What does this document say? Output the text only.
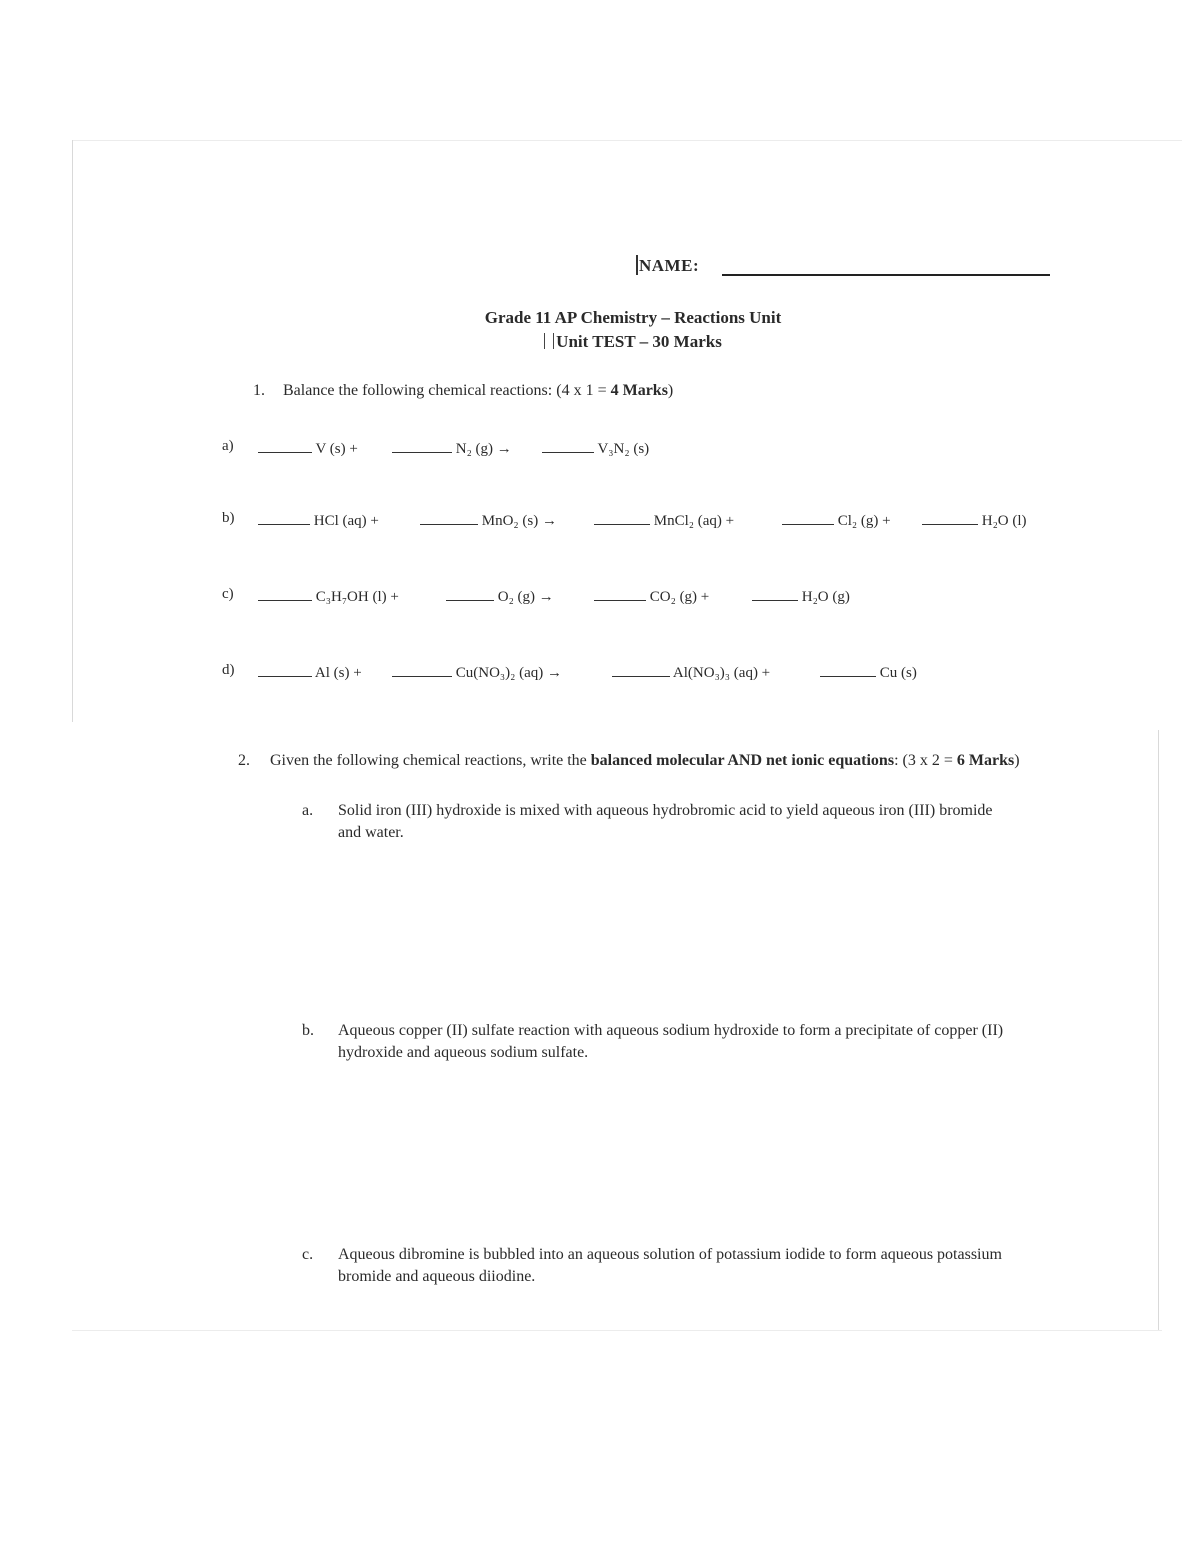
NAME:
Grade 11 AP Chemistry – Reactions Unit
Unit TEST – 30 Marks
1. Balance the following chemical reactions: (4 x 1 = 4 Marks)
a)	V (s) +	N₂ (g) →	V₃N₂ (s)
b)	HCl (aq) +	MnO₂ (s) →	MnCl₂ (aq) +	Cl₂ (g) +	H₂O (l)
c)	C₃H₇OH (l) +	O₂ (g) →	CO₂ (g) +	H₂O (g)
d)	Al (s) +	Cu(NO₃)₂ (aq) →	Al(NO₃)₃ (aq) +	Cu (s)
2. Given the following chemical reactions, write the balanced molecular AND net ionic equations: (3 x 2 = 6 Marks)
a. Solid iron (III) hydroxide is mixed with aqueous hydrobromic acid to yield aqueous iron (III) bromide and water.
b. Aqueous copper (II) sulfate reaction with aqueous sodium hydroxide to form a precipitate of copper (II) hydroxide and aqueous sodium sulfate.
c. Aqueous dibromine is bubbled into an aqueous solution of potassium iodide to form aqueous potassium bromide and aqueous diiodine.
